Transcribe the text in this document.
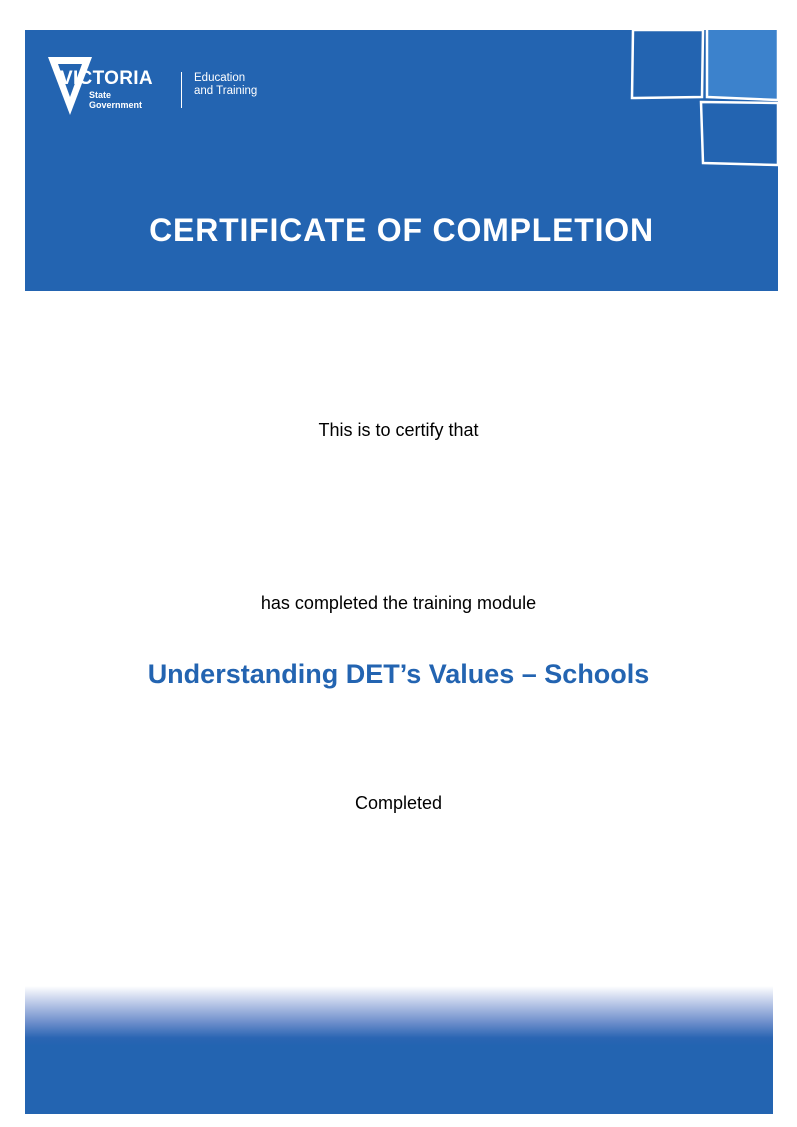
VICTORIA
State
Government
Education
and Training
CERTIFICATE OF COMPLETION
This is to certify that
has completed the training module
Understanding DET’s Values – Schools
Completed
